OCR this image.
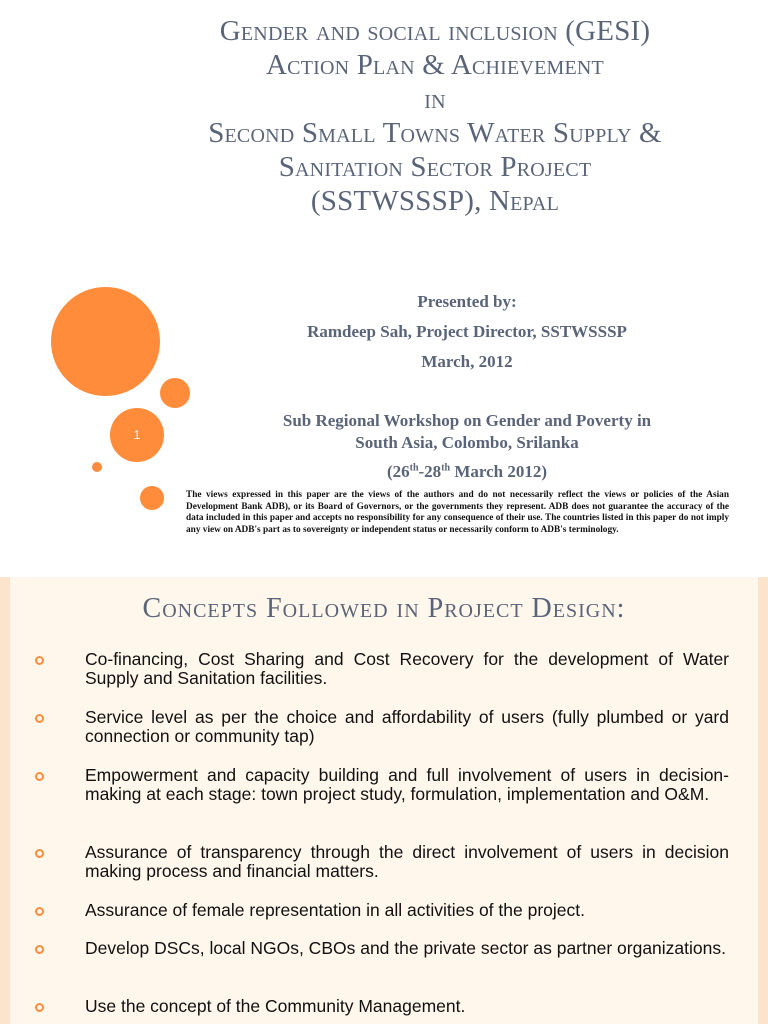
Gender and social inclusion (GESI)
Action Plan & Achievement
in
Second Small Towns Water Supply &
Sanitation Sector Project
(SSTWSSSP), Nepal
1
Presented by:
Ramdeep Sah, Project Director, SSTWSSSP
March, 2012
Sub Regional Workshop on Gender and Poverty in
South Asia, Colombo, Srilanka
(26th-28th March 2012)
The views expressed in this paper are the views of the authors and do not necessarily reflect the views or policies of the Asian Development Bank ADB), or its Board of Governors, or the governments they represent. ADB does not guarantee the accuracy of the data included in this paper and accepts no responsibility for any consequence of their use. The countries listed in this paper do not imply any view on ADB's part as to sovereignty or independent status or necessarily conform to ADB's terminology.
Concepts Followed in Project Design:
Co-financing, Cost Sharing and Cost Recovery for the development of Water Supply and Sanitation facilities.
Service level as per the choice and affordability of users (fully plumbed or yard connection or community tap)
Empowerment and capacity building and full involvement of users in decision-making at each stage: town project study, formulation, implementation and O&M.
Assurance of transparency through the direct involvement of users in decision making process and financial matters.
Assurance of female representation in all activities of the project.
Develop DSCs, local NGOs, CBOs and the private sector as partner organizations.
Use the concept of the Community Management.
